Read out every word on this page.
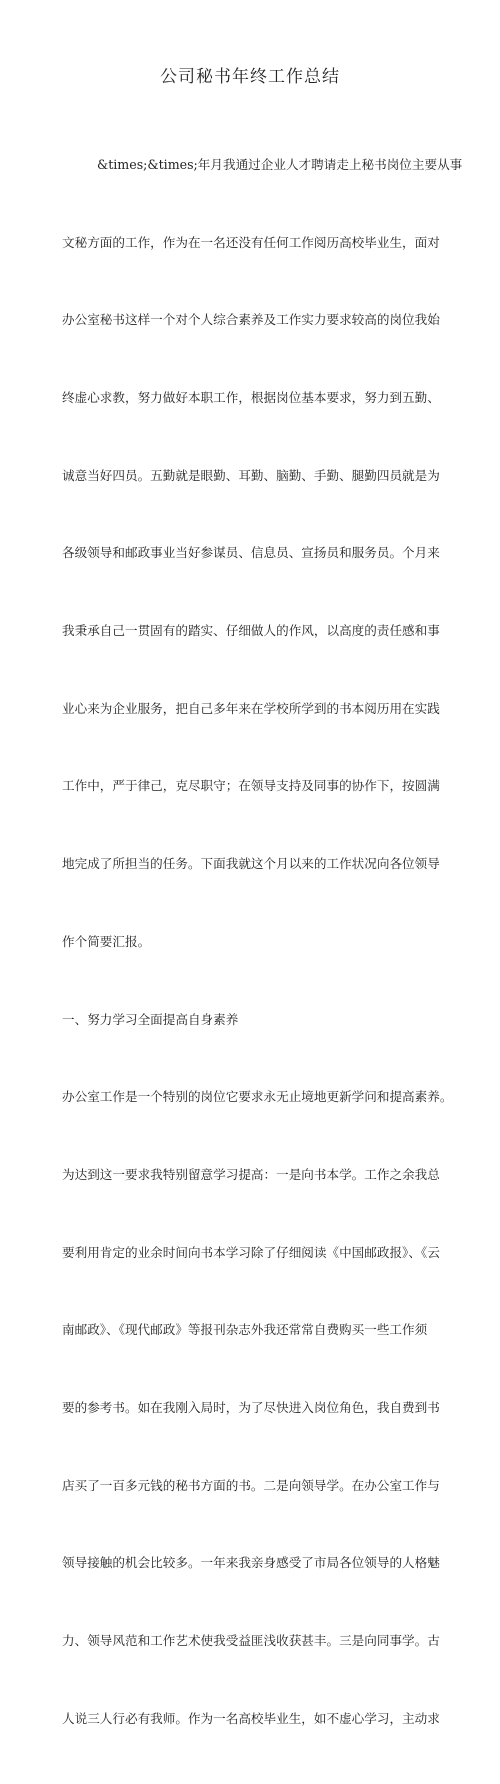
公司秘书年终工作总结

&times;&times;年月我通过企业人才聘请走上秘书岗位主要从事

文秘方面的工作，作为在一名还没有任何工作阅历高校毕业生，面对

办公室秘书这样一个对个人综合素养及工作实力要求较高的岗位我始

终虚心求教，努力做好本职工作，根据岗位基本要求，努力到五勤、

诚意当好四员。五勤就是眼勤、耳勤、脑勤、手勤、腿勤四员就是为

各级领导和邮政事业当好参谋员、信息员、宣扬员和服务员。个月来

我秉承自己一贯固有的踏实、仔细做人的作风，以高度的责任感和事

业心来为企业服务，把自己多年来在学校所学到的书本阅历用在实践

工作中，严于律己，克尽职守；在领导支持及同事的协作下，按圆满

地完成了所担当的任务。下面我就这个月以来的工作状况向各位领导

作个简要汇报。

一、努力学习全面提高自身素养

办公室工作是一个特别的岗位它要求永无止境地更新学问和提高素养。

为达到这一要求我特别留意学习提高：一是向书本学。工作之余我总

要利用肯定的业余时间向书本学习除了仔细阅读《中国邮政报》、《云

南邮政》、《现代邮政》等报刊杂志外我还常常自费购买一些工作须

要的参考书。如在我刚入局时，为了尽快进入岗位角色，我自费到书

店买了一百多元钱的秘书方面的书。二是向领导学。在办公室工作与

领导接触的机会比较多。一年来我亲身感受了市局各位领导的人格魅

力、领导风范和工作艺术使我受益匪浅收获甚丰。三是向同事学。古

人说三人行必有我师。作为一名高校毕业生，如不虚心学习，主动求
